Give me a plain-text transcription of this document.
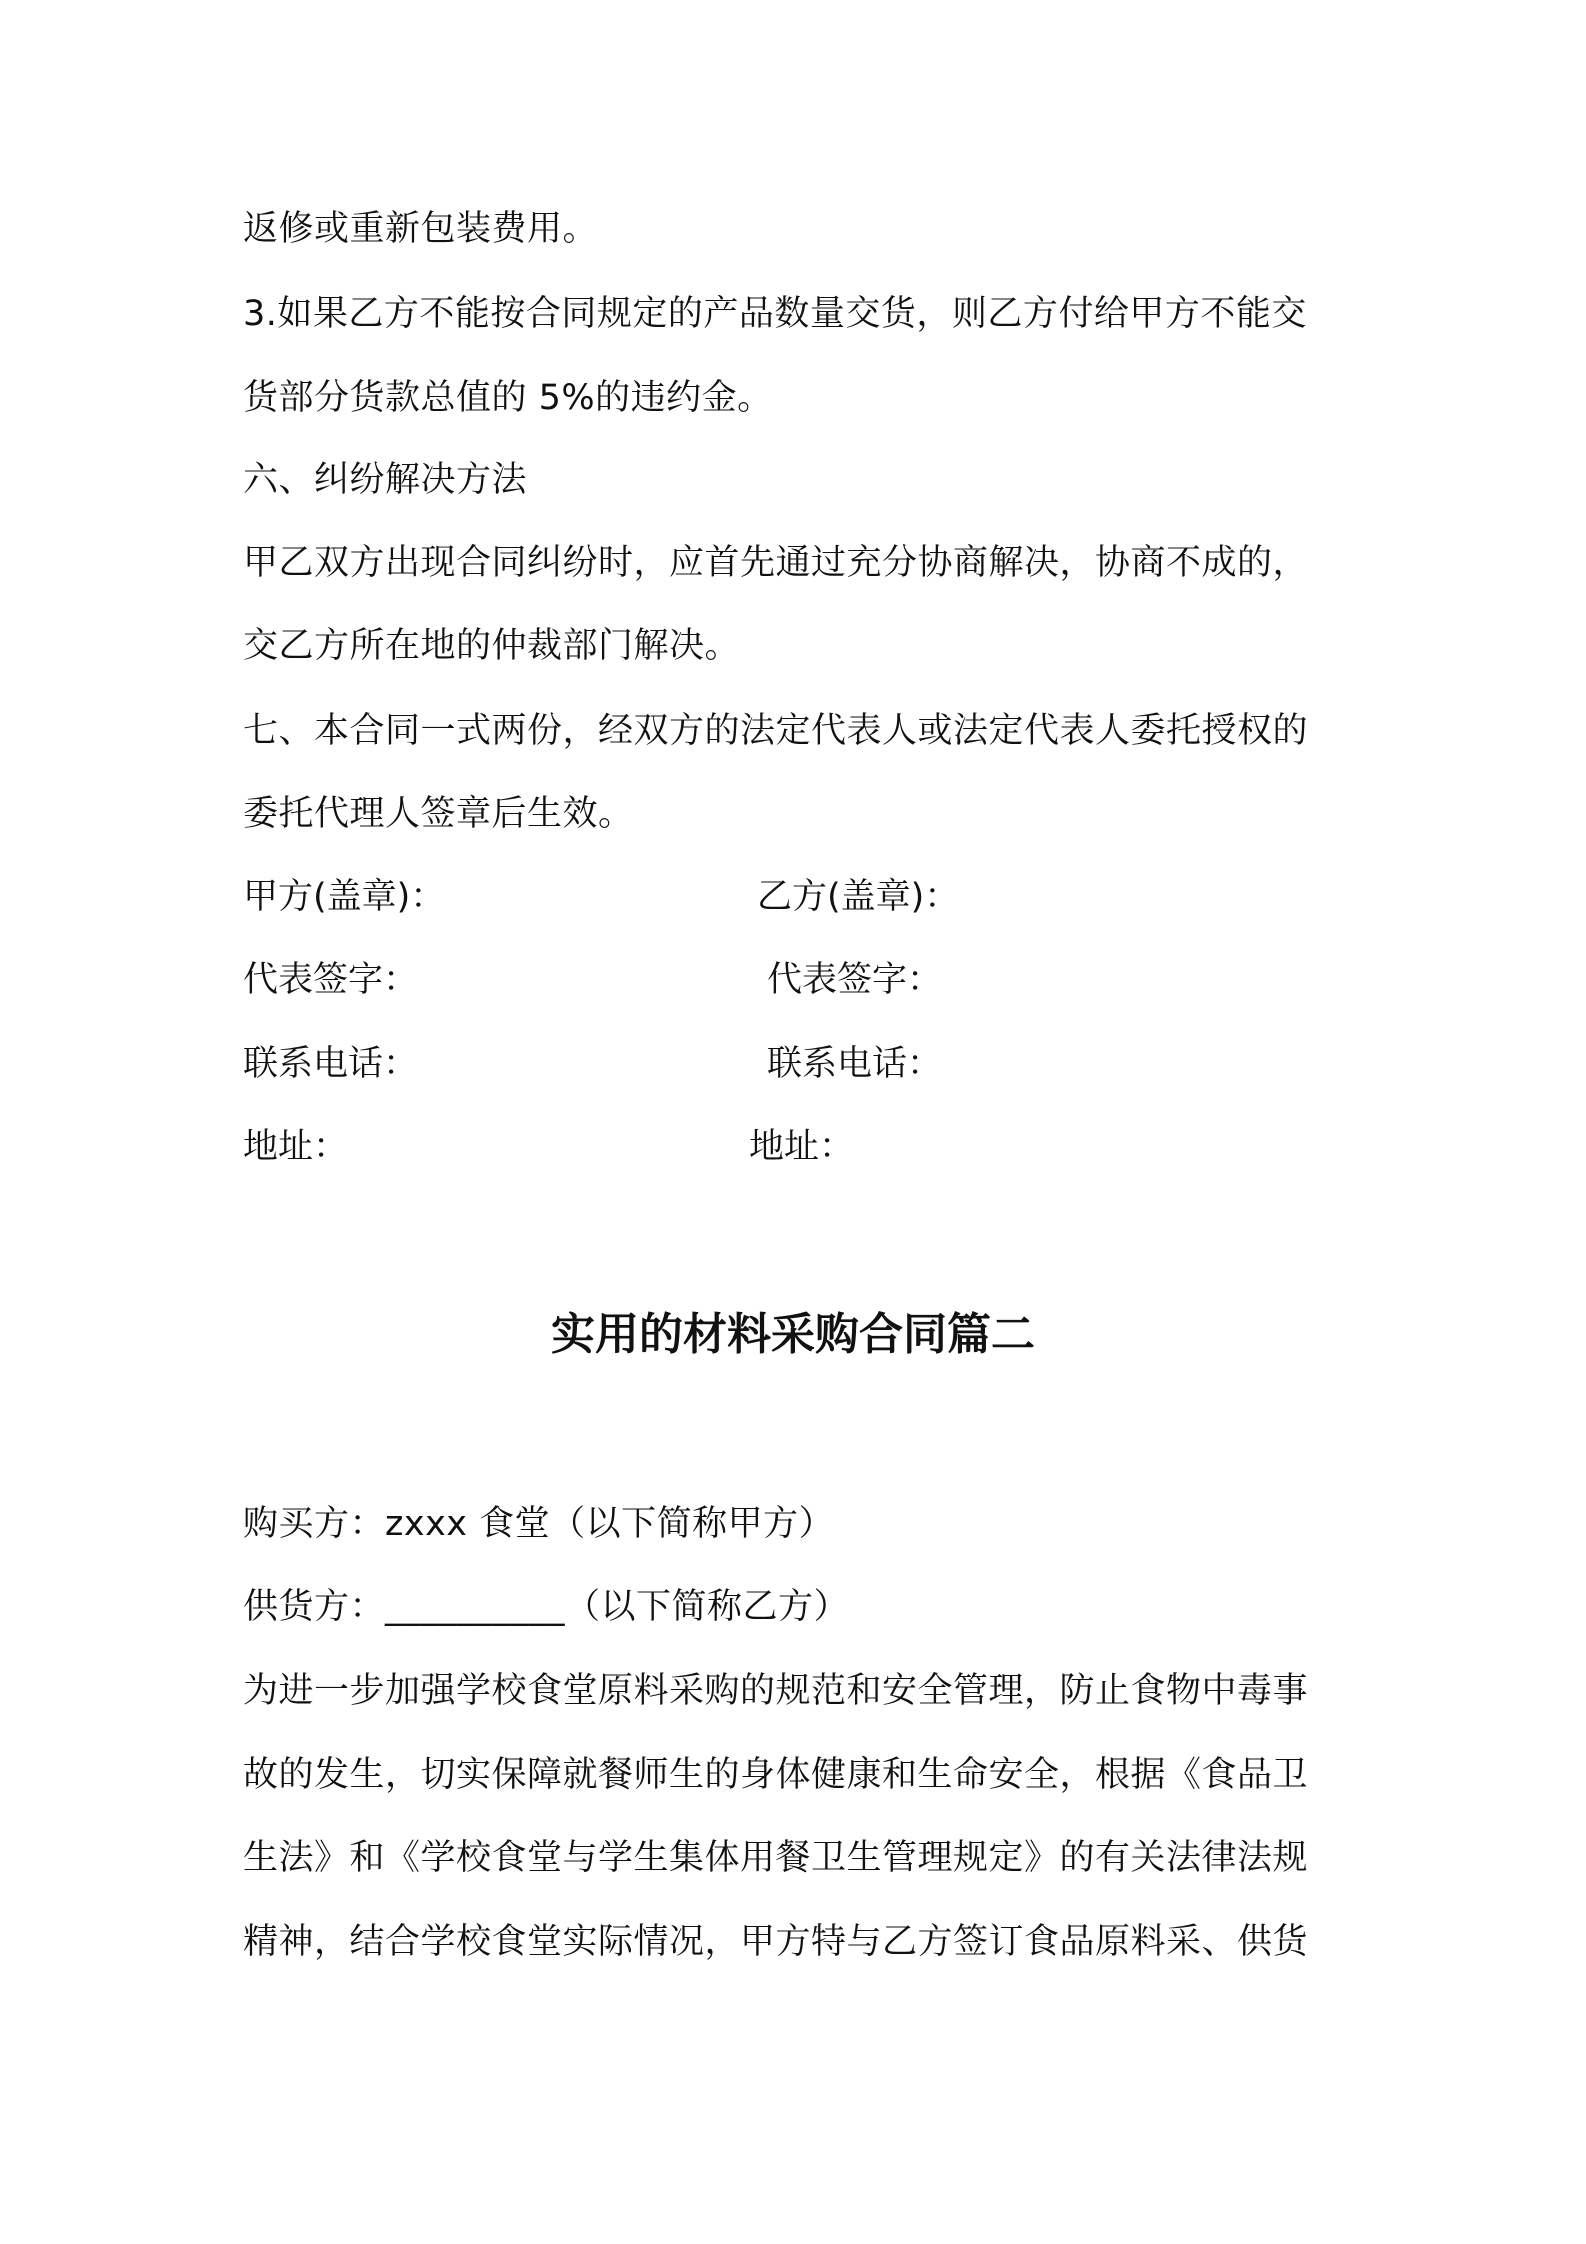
返修或重新包装费用。
3.如果乙方不能按合同规定的产品数量交货，则乙方付给甲方不能交
货部分货款总值的 5%的违约金。
六、纠纷解决方法
甲乙双方出现合同纠纷时，应首先通过充分协商解决，协商不成的，
交乙方所在地的仲裁部门解决。
七、本合同一式两份，经双方的法定代表人或法定代表人委托授权的
委托代理人签章后生效。
甲方(盖章)：	乙方(盖章)：
代表签字：	代表签字：
联系电话：	联系电话：
地址：	地址：
实用的材料采购合同篇二
购买方：zxxx 食堂（以下简称甲方）
供货方：__________（以下简称乙方）
为进一步加强学校食堂原料采购的规范和安全管理，防止食物中毒事
故的发生，切实保障就餐师生的身体健康和生命安全，根据《食品卫
生法》和《学校食堂与学生集体用餐卫生管理规定》的有关法律法规
精神，结合学校食堂实际情况，甲方特与乙方签订食品原料采、供货
